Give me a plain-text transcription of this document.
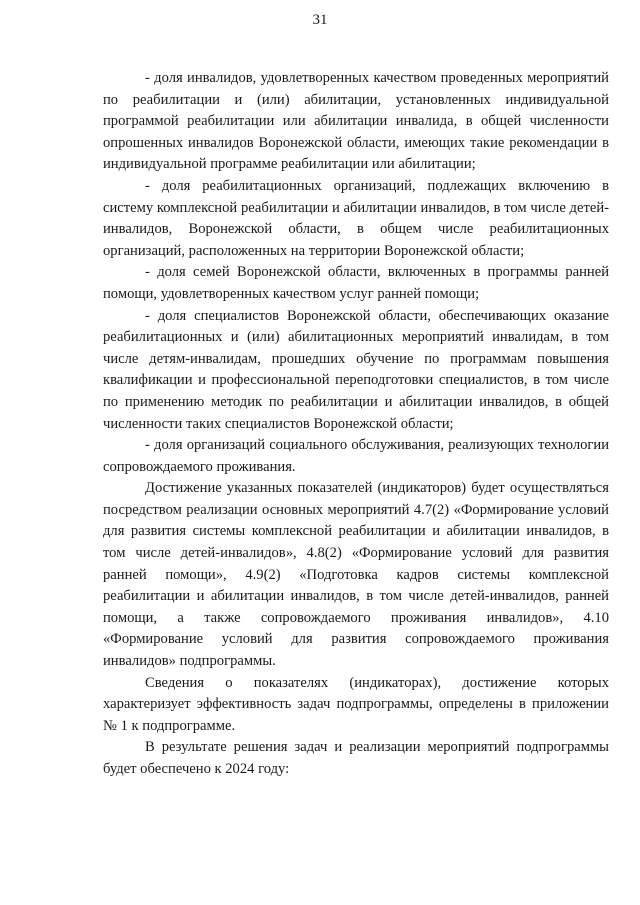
31

- доля инвалидов, удовлетворенных качеством проведенных мероприятий по реабилитации и (или) абилитации, установленных индивидуальной программой реабилитации или абилитации инвалида, в общей численности опрошенных инвалидов Воронежской области, имеющих такие рекомендации в индивидуальной программе реабилитации или абилитации;

- доля реабилитационных организаций, подлежащих включению в систему комплексной реабилитации и абилитации инвалидов, в том числе детей-инвалидов, Воронежской области, в общем числе реабилитационных организаций, расположенных на территории Воронежской области;

- доля семей Воронежской области, включенных в программы ранней помощи, удовлетворенных качеством услуг ранней помощи;

- доля специалистов Воронежской области, обеспечивающих оказание реабилитационных и (или) абилитационных мероприятий инвалидам, в том числе детям-инвалидам, прошедших обучение по программам повышения квалификации и профессиональной переподготовки специалистов, в том числе по применению методик по реабилитации и абилитации инвалидов, в общей численности таких специалистов Воронежской области;

- доля организаций социального обслуживания, реализующих технологии сопровождаемого проживания.

Достижение указанных показателей (индикаторов) будет осуществляться посредством реализации основных мероприятий 4.7(2) «Формирование условий для развития системы комплексной реабилитации и абилитации инвалидов, в том числе детей-инвалидов», 4.8(2) «Формирование условий для развития ранней помощи», 4.9(2) «Подготовка кадров системы комплексной реабилитации и абилитации инвалидов, в том числе детей-инвалидов, ранней помощи, а также сопровождаемого проживания инвалидов», 4.10 «Формирование условий для развития сопровождаемого проживания инвалидов» подпрограммы.

Сведения о показателях (индикаторах), достижение которых характеризует эффективность задач подпрограммы, определены в приложении № 1 к подпрограмме.

В результате решения задач и реализации мероприятий подпрограммы будет обеспечено к 2024 году:
